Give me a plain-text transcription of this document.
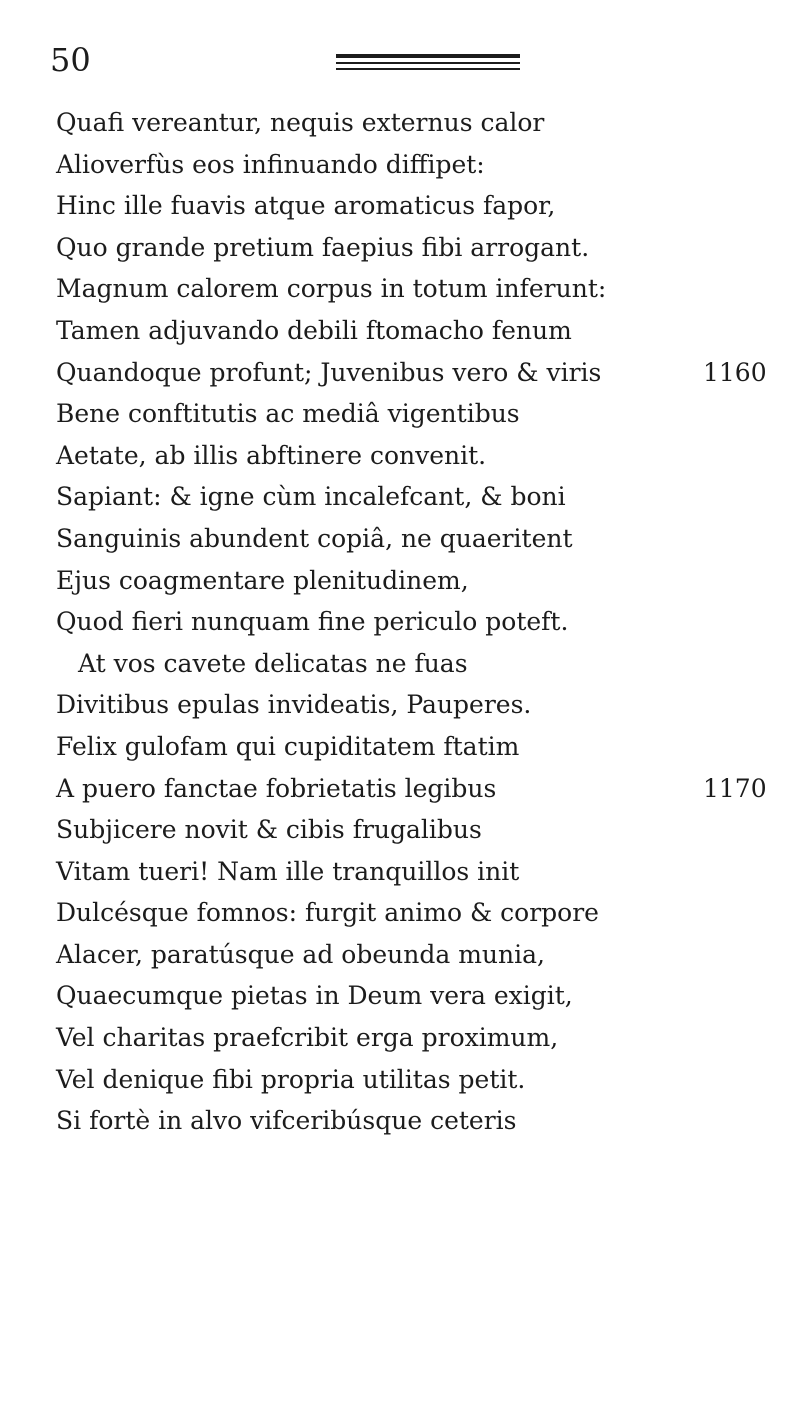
50
Quafi vereantur, nequis externus calor
Alioverfùs eos infinuando diffipet:
Hinc ille fuavis atque aromaticus fapor,
Quo grande pretium faepius fibi arrogant.
Magnum calorem corpus in totum inferunt:
Tamen adjuvando debili ftomacho fenum
Quandoque profunt; Juvenibus vero & viris	1160
Bene conftitutis ac mediâ vigentibus
Aetate, ab illis abftinere convenit.
Sapiant: & igne cùm incalefcant, & boni
Sanguinis abundent copiâ, ne quaeritent
Ejus coagmentare plenitudinem,
Quod fieri nunquam fine periculo poteft.
At vos cavete delicatas ne fuas
Divitibus epulas invideatis, Pauperes.
Felix gulofam qui cupiditatem ftatim
A puero fanctae fobrietatis legibus	1170
Subjicere novit & cibis frugalibus
Vitam tueri! Nam ille tranquillos init
Dulcésque fomnos: furgit animo & corpore
Alacer, paratúsque ad obeunda munia,
Quaecumque pietas in Deum vera exigit,
Vel charitas praefcribit erga proximum,
Vel denique fibi propria utilitas petit.
Si fortè in alvo vifceribúsque ceteris
